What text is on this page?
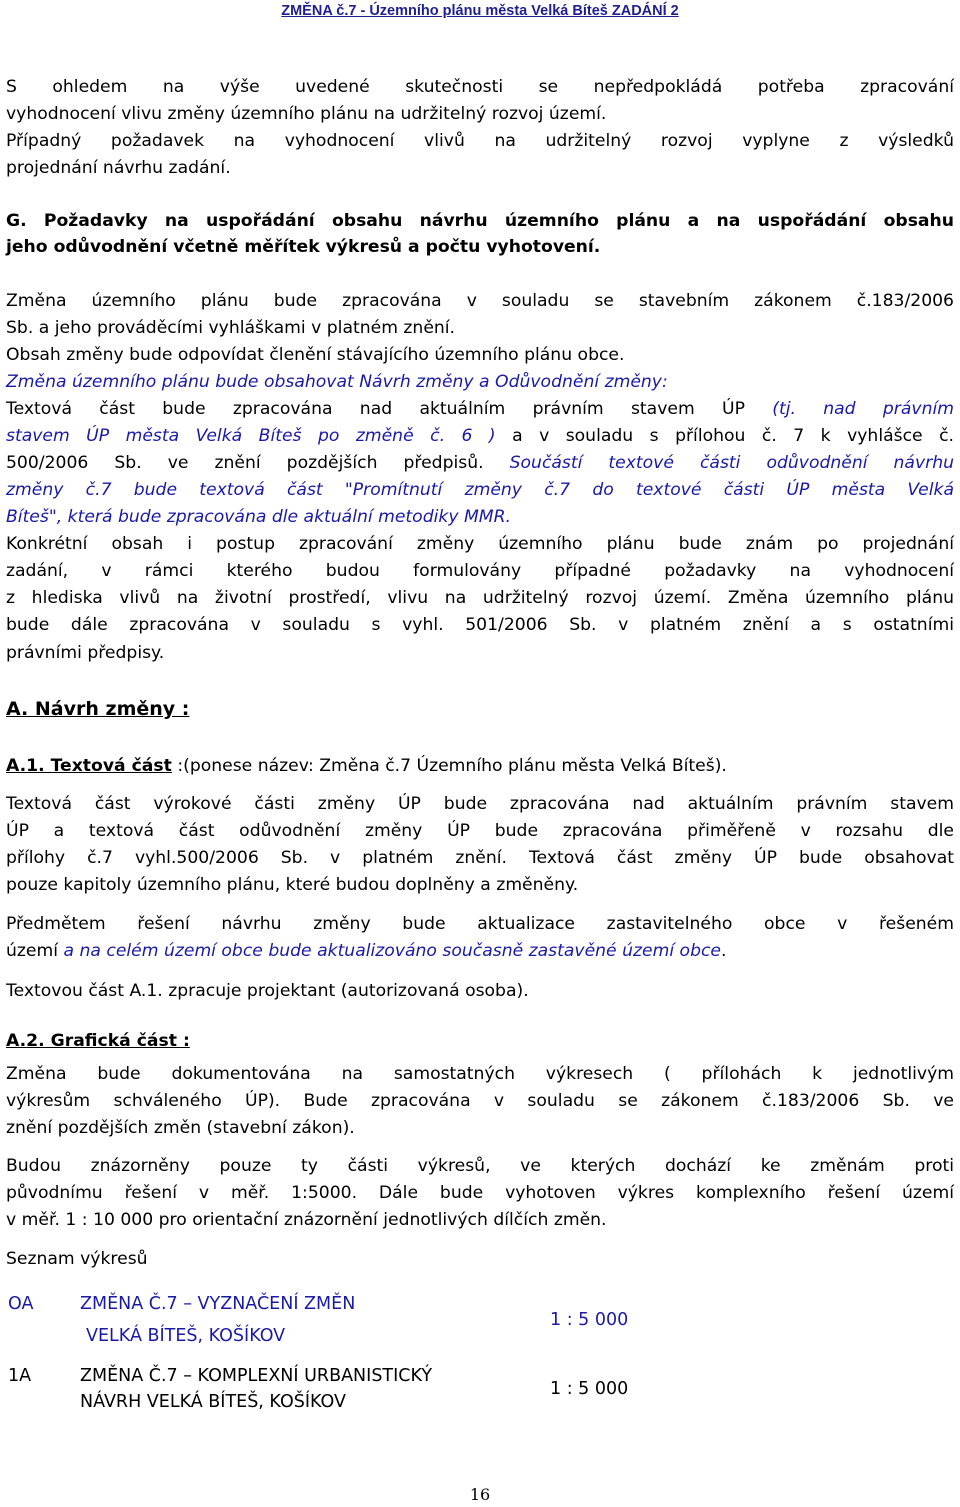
ZMĚNA č.7 - Územního plánu města Velká Bíteš ZADÁNÍ 2
S ohledem na výše uvedené skutečnosti se nepředpokládá potřeba zpracování
vyhodnocení vlivu změny územního plánu na udržitelný rozvoj území.
Případný požadavek na vyhodnocení vlivů na udržitelný rozvoj vyplyne z výsledků
projednání návrhu zadání.
G. Požadavky na uspořádání obsahu návrhu územního plánu a na uspořádání obsahu
jeho odůvodnění včetně měřítek výkresů a počtu vyhotovení.
Změna územního plánu bude zpracována v souladu se stavebním zákonem č.183/2006
Sb. a jeho prováděcími vyhláškami v platném znění.
Obsah změny bude odpovídat členění stávajícího územního plánu obce.
Změna územního plánu bude obsahovat Návrh změny a Odůvodnění změny:
Textová část bude zpracována nad aktuálním právním stavem ÚP (tj. nad právním
stavem ÚP města Velká Bíteš po změně č. 6 ) a v souladu s přílohou č. 7 k vyhlášce č.
500/2006 Sb. ve znění pozdějších předpisů. Součástí textové části odůvodnění návrhu
změny č.7 bude textová část "Promítnutí změny č.7 do textové části ÚP města Velká
Bíteš", která bude zpracována dle aktuální metodiky MMR.
Konkrétní obsah i postup zpracování změny územního plánu bude znám po projednání
zadání, v rámci kterého budou formulovány případné požadavky na vyhodnocení
z hlediska vlivů na životní prostředí, vlivu na udržitelný rozvoj území. Změna územního plánu
bude dále zpracována v souladu s vyhl. 501/2006 Sb. v platném znění a s ostatními
právními předpisy.
A. Návrh změny :
A.1. Textová část :(ponese název: Změna č.7 Územního plánu města Velká Bíteš).
Textová část výrokové části změny ÚP bude zpracována nad aktuálním právním stavem
ÚP a textová část odůvodnění změny ÚP bude zpracována přiměřeně v rozsahu dle
přílohy č.7 vyhl.500/2006 Sb. v platném znění. Textová část změny ÚP bude obsahovat
pouze kapitoly územního plánu, které budou doplněny a změněny.
Předmětem řešení návrhu změny bude aktualizace zastavitelného obce v řešeném
území a na celém území obce bude aktualizováno současně zastavěné území obce.
Textovou část A.1. zpracuje projektant (autorizovaná osoba).
A.2. Grafická část :
Změna bude dokumentována na samostatných výkresech ( přílohách k jednotlivým
výkresům schváleného ÚP). Bude zpracována v souladu se zákonem č.183/2006 Sb. ve
znění pozdějších změn (stavební zákon).
Budou znázorněny pouze ty části výkresů, ve kterých dochází ke změnám proti
původnímu řešení v měř. 1:5000. Dále bude vyhotoven výkres komplexního řešení území
v měř. 1 : 10 000 pro orientační znázornění jednotlivých dílčích změn.
Seznam výkresů
OA	ZMĚNA Č.7 – VYZNAČENÍ ZMĚN
VELKÁ BÍTEŠ, KOŠÍKOV
1 : 5 000
1A	ZMĚNA Č.7 – KOMPLEXNÍ URBANISTICKÝ
NÁVRH VELKÁ BÍTEŠ, KOŠÍKOV
1 : 5 000
16
